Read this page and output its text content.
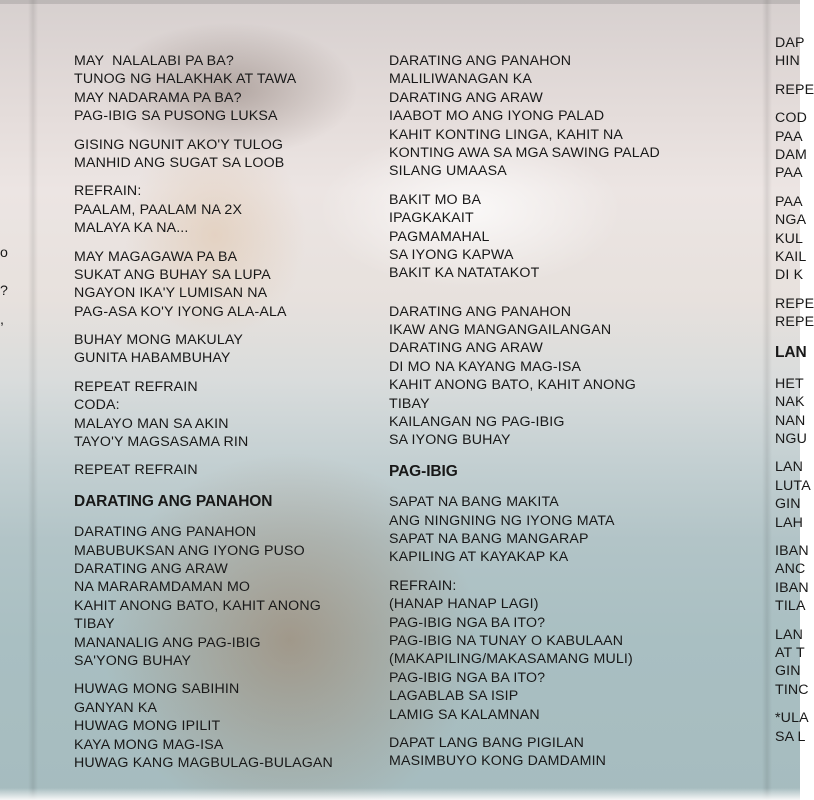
o
?
,
MAY  NALALABI PA BA?
TUNOG NG HALAKHAK AT TAWA
MAY NADARAMA PA BA?
PAG-IBIG SA PUSONG LUKSA
GISING NGUNIT AKO'Y TULOG
MANHID ANG SUGAT SA LOOB
REFRAIN:
PAALAM, PAALAM NA 2X
MALAYA KA NA...
MAY MAGAGAWA PA BA
SUKAT ANG BUHAY SA LUPA
NGAYON IKA'Y LUMISAN NA
PAG-ASA KO'Y IYONG ALA-ALA
BUHAY MONG MAKULAY
GUNITA HABAMBUHAY
REPEAT REFRAIN
CODA:
MALAYO MAN SA AKIN
TAYO'Y MAGSASAMA RIN
REPEAT REFRAIN
DARATING ANG PANAHON
DARATING ANG PANAHON
MABUBUKSAN ANG IYONG PUSO
DARATING ANG ARAW
NA MARARAMDAMAN MO
KAHIT ANONG BATO, KAHIT ANONG
TIBAY
MANANALIG ANG PAG-IBIG
SA'YONG BUHAY
HUWAG MONG SABIHIN
GANYAN KA
HUWAG MONG IPILIT
KAYA MONG MAG-ISA
HUWAG KANG MAGBULAG-BULAGAN
DARATING ANG PANAHON
MALILIWANAGAN KA
DARATING ANG ARAW
IAABOT MO ANG IYONG PALAD
KAHIT KONTING LINGA, KAHIT NA
KONTING AWA SA MGA SAWING PALAD
SILANG UMAASA
BAKIT MO BA
IPAGKAKAIT
PAGMAMAHAL
SA IYONG KAPWA
BAKIT KA NATATAKOT
DARATING ANG PANAHON
IKAW ANG MANGANGAILANGAN
DARATING ANG ARAW
DI MO NA KAYANG MAG-ISA
KAHIT ANONG BATO, KAHIT ANONG
TIBAY
KAILANGAN NG PAG-IBIG
SA IYONG BUHAY
PAG-IBIG
SAPAT NA BANG MAKITA
ANG NINGNING NG IYONG MATA
SAPAT NA BANG MANGARAP
KAPILING AT KAYAKAP KA
REFRAIN:
(HANAP HANAP LAGI)
PAG-IBIG NGA BA ITO?
PAG-IBIG NA TUNAY O KABULAAN
(MAKAPILING/MAKASAMANG MULI)
PAG-IBIG NGA BA ITO?
LAGABLAB SA ISIP
LAMIG SA KALAMNAN
DAPAT LANG BANG PIGILAN
MASIMBUYO KONG DAMDAMIN
DAP
HIN
REPE
COD
PAA
DAM
PAA
PAA
NGA
KUL
KAIL
DI K
REPE
REPE
LAN
HET
NAK
NAN
NGU
LAN
LUTA
GIN
LAH
IBAN
ANC
IBAN
TILA
LAN
AT T
GIN
TINC
*ULA
SA L
